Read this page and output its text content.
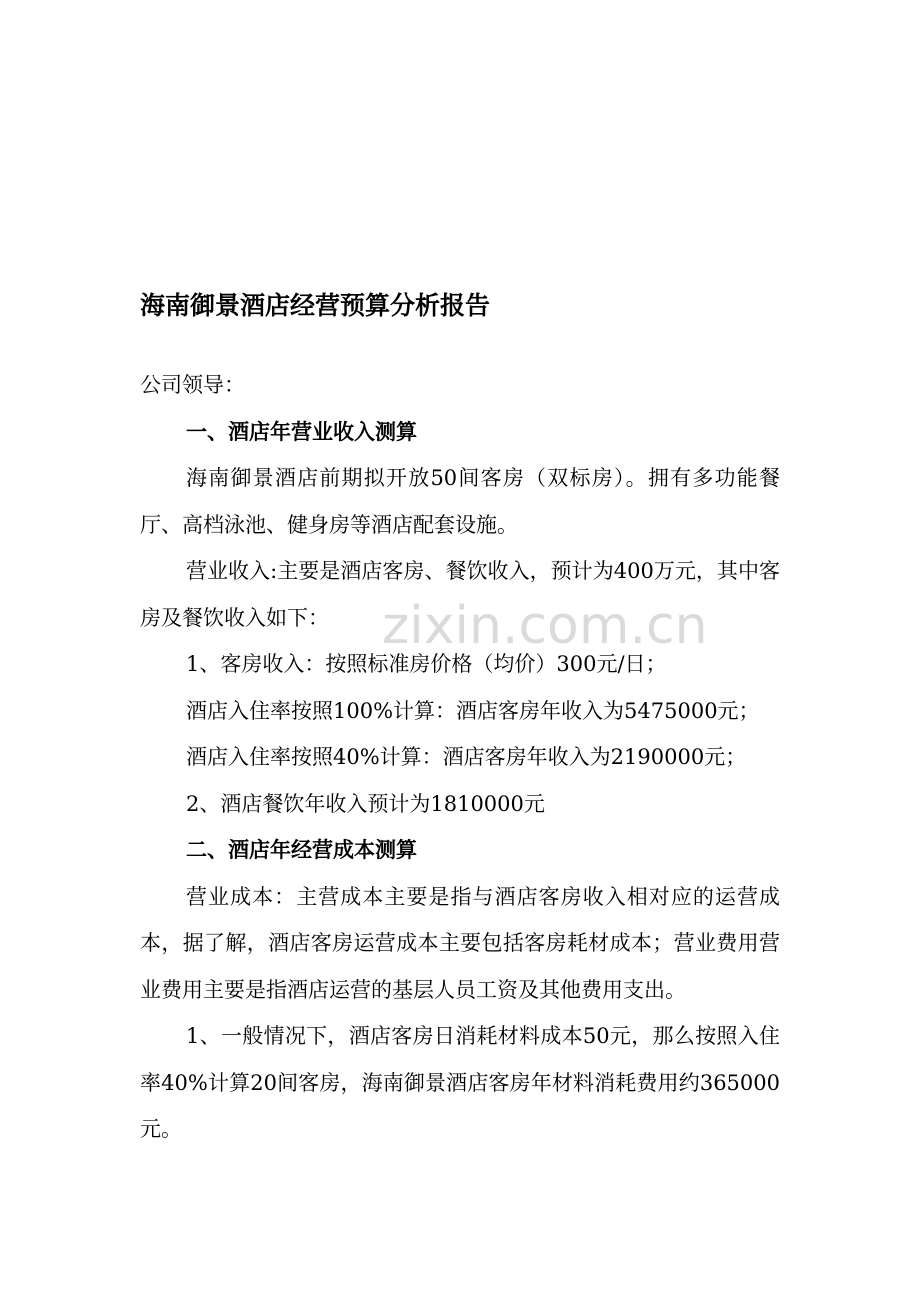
海南御景酒店经营预算分析报告

公司领导：

一、酒店年营业收入测算

海南御景酒店前期拟开放50间客房（双标房）。拥有多功能餐厅、高档泳池、健身房等酒店配套设施。

营业收入:主要是酒店客房、餐饮收入，预计为400万元，其中客房及餐饮收入如下：

1、客房收入：按照标准房价格（均价）300元/日；

酒店入住率按照100%计算：酒店客房年收入为5475000元；

酒店入住率按照40%计算：酒店客房年收入为2190000元；

2、酒店餐饮年收入预计为1810000元

二、酒店年经营成本测算

营业成本：主营成本主要是指与酒店客房收入相对应的运营成本，据了解，酒店客房运营成本主要包括客房耗材成本；营业费用营业费用主要是指酒店运营的基层人员工资及其他费用支出。

1、一般情况下，酒店客房日消耗材料成本50元，那么按照入住率40%计算20间客房，海南御景酒店客房年材料消耗费用约365000元。

zixin.com.cn
